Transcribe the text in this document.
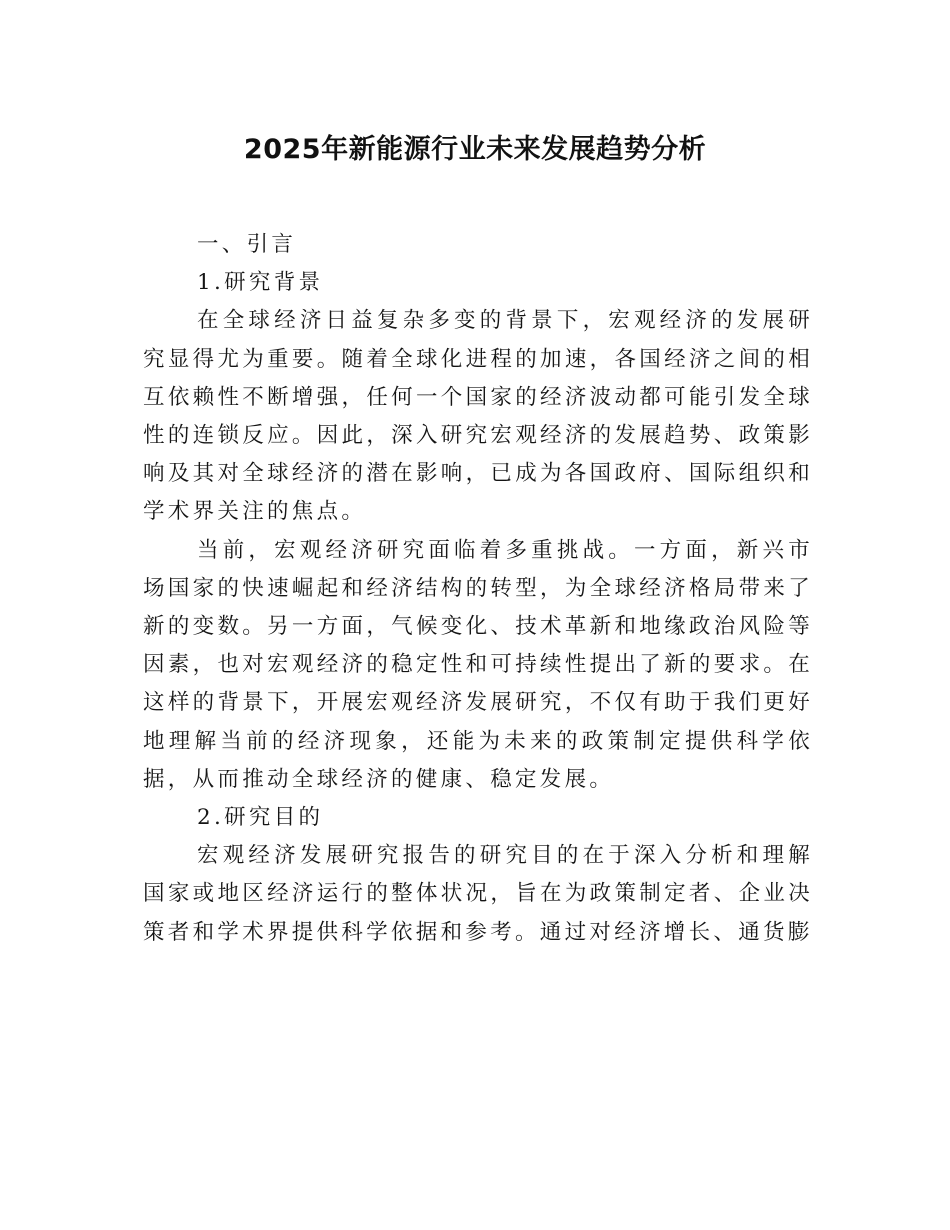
2025年新能源行业未来发展趋势分析

一、引言

1.研究背景

在全球经济日益复杂多变的背景下，宏观经济的发展研究显得尤为重要。随着全球化进程的加速，各国经济之间的相互依赖性不断增强，任何一个国家的经济波动都可能引发全球性的连锁反应。因此，深入研究宏观经济的发展趋势、政策影响及其对全球经济的潜在影响，已成为各国政府、国际组织和学术界关注的焦点。

当前，宏观经济研究面临着多重挑战。一方面，新兴市场国家的快速崛起和经济结构的转型，为全球经济格局带来了新的变数。另一方面，气候变化、技术革新和地缘政治风险等因素，也对宏观经济的稳定性和可持续性提出了新的要求。在这样的背景下，开展宏观经济发展研究，不仅有助于我们更好地理解当前的经济现象，还能为未来的政策制定提供科学依据，从而推动全球经济的健康、稳定发展。

2.研究目的

宏观经济发展研究报告的研究目的在于深入分析和理解国家或地区经济运行的整体状况，旨在为政策制定者、企业决策者和学术界提供科学依据和参考。通过对经济增长、通货膨
